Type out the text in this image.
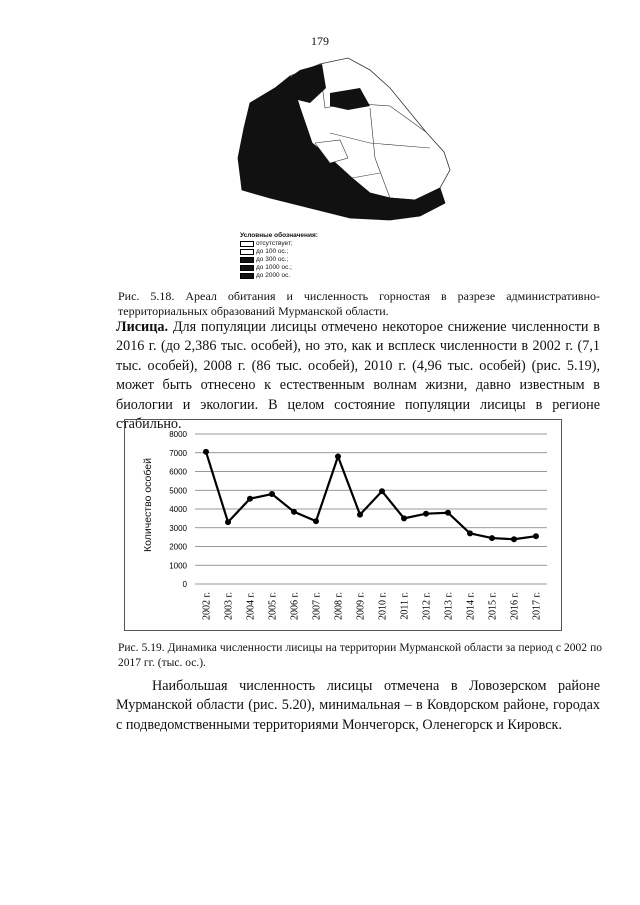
179
Условные обозначения:
отсутствует;
до 100 ос.;
до 300 ос.;
до 1000 ос.;
до 2000 ос.
Рис. 5.18. Ареал обитания и численность горностая в разрезе административно-территориальных образований Мурманской области.
Лисица. Для популяции лисицы отмечено некоторое снижение численности в 2016 г. (до 2,386 тыс. особей), но это, как и всплеск численности в 2002 г. (7,1 тыс. особей), 2008 г. (86 тыс. особей), 2010 г. (4,96 тыс. особей) (рис. 5.19), может быть отнесено к естественным волнам жизни, давно известным в биологии и экологии. В целом состояние популяции лисицы в регионе стабильно.
0
1000
2000
3000
4000
5000
6000
7000
8000
2002 г. 2003 г. 2004 г. 2005 г. 2006 г. 2007 г. 2008 г. 2009 г. 2010 г. 2011 г. 2012 г. 2013 г. 2014 г. 2015 г. 2016 г. 2017 г.
Количество особей
Рис. 5.19. Динамика численности лисицы на территории Мурманской области за период с 2002 по 2017 гг. (тыс. ос.).
Наибольшая численность лисицы отмечена в Ловозерском районе Мурманской области (рис. 5.20), минимальная – в Ковдорском районе, городах с подведомственными территориями Мончегорск, Оленегорск и Кировск.
